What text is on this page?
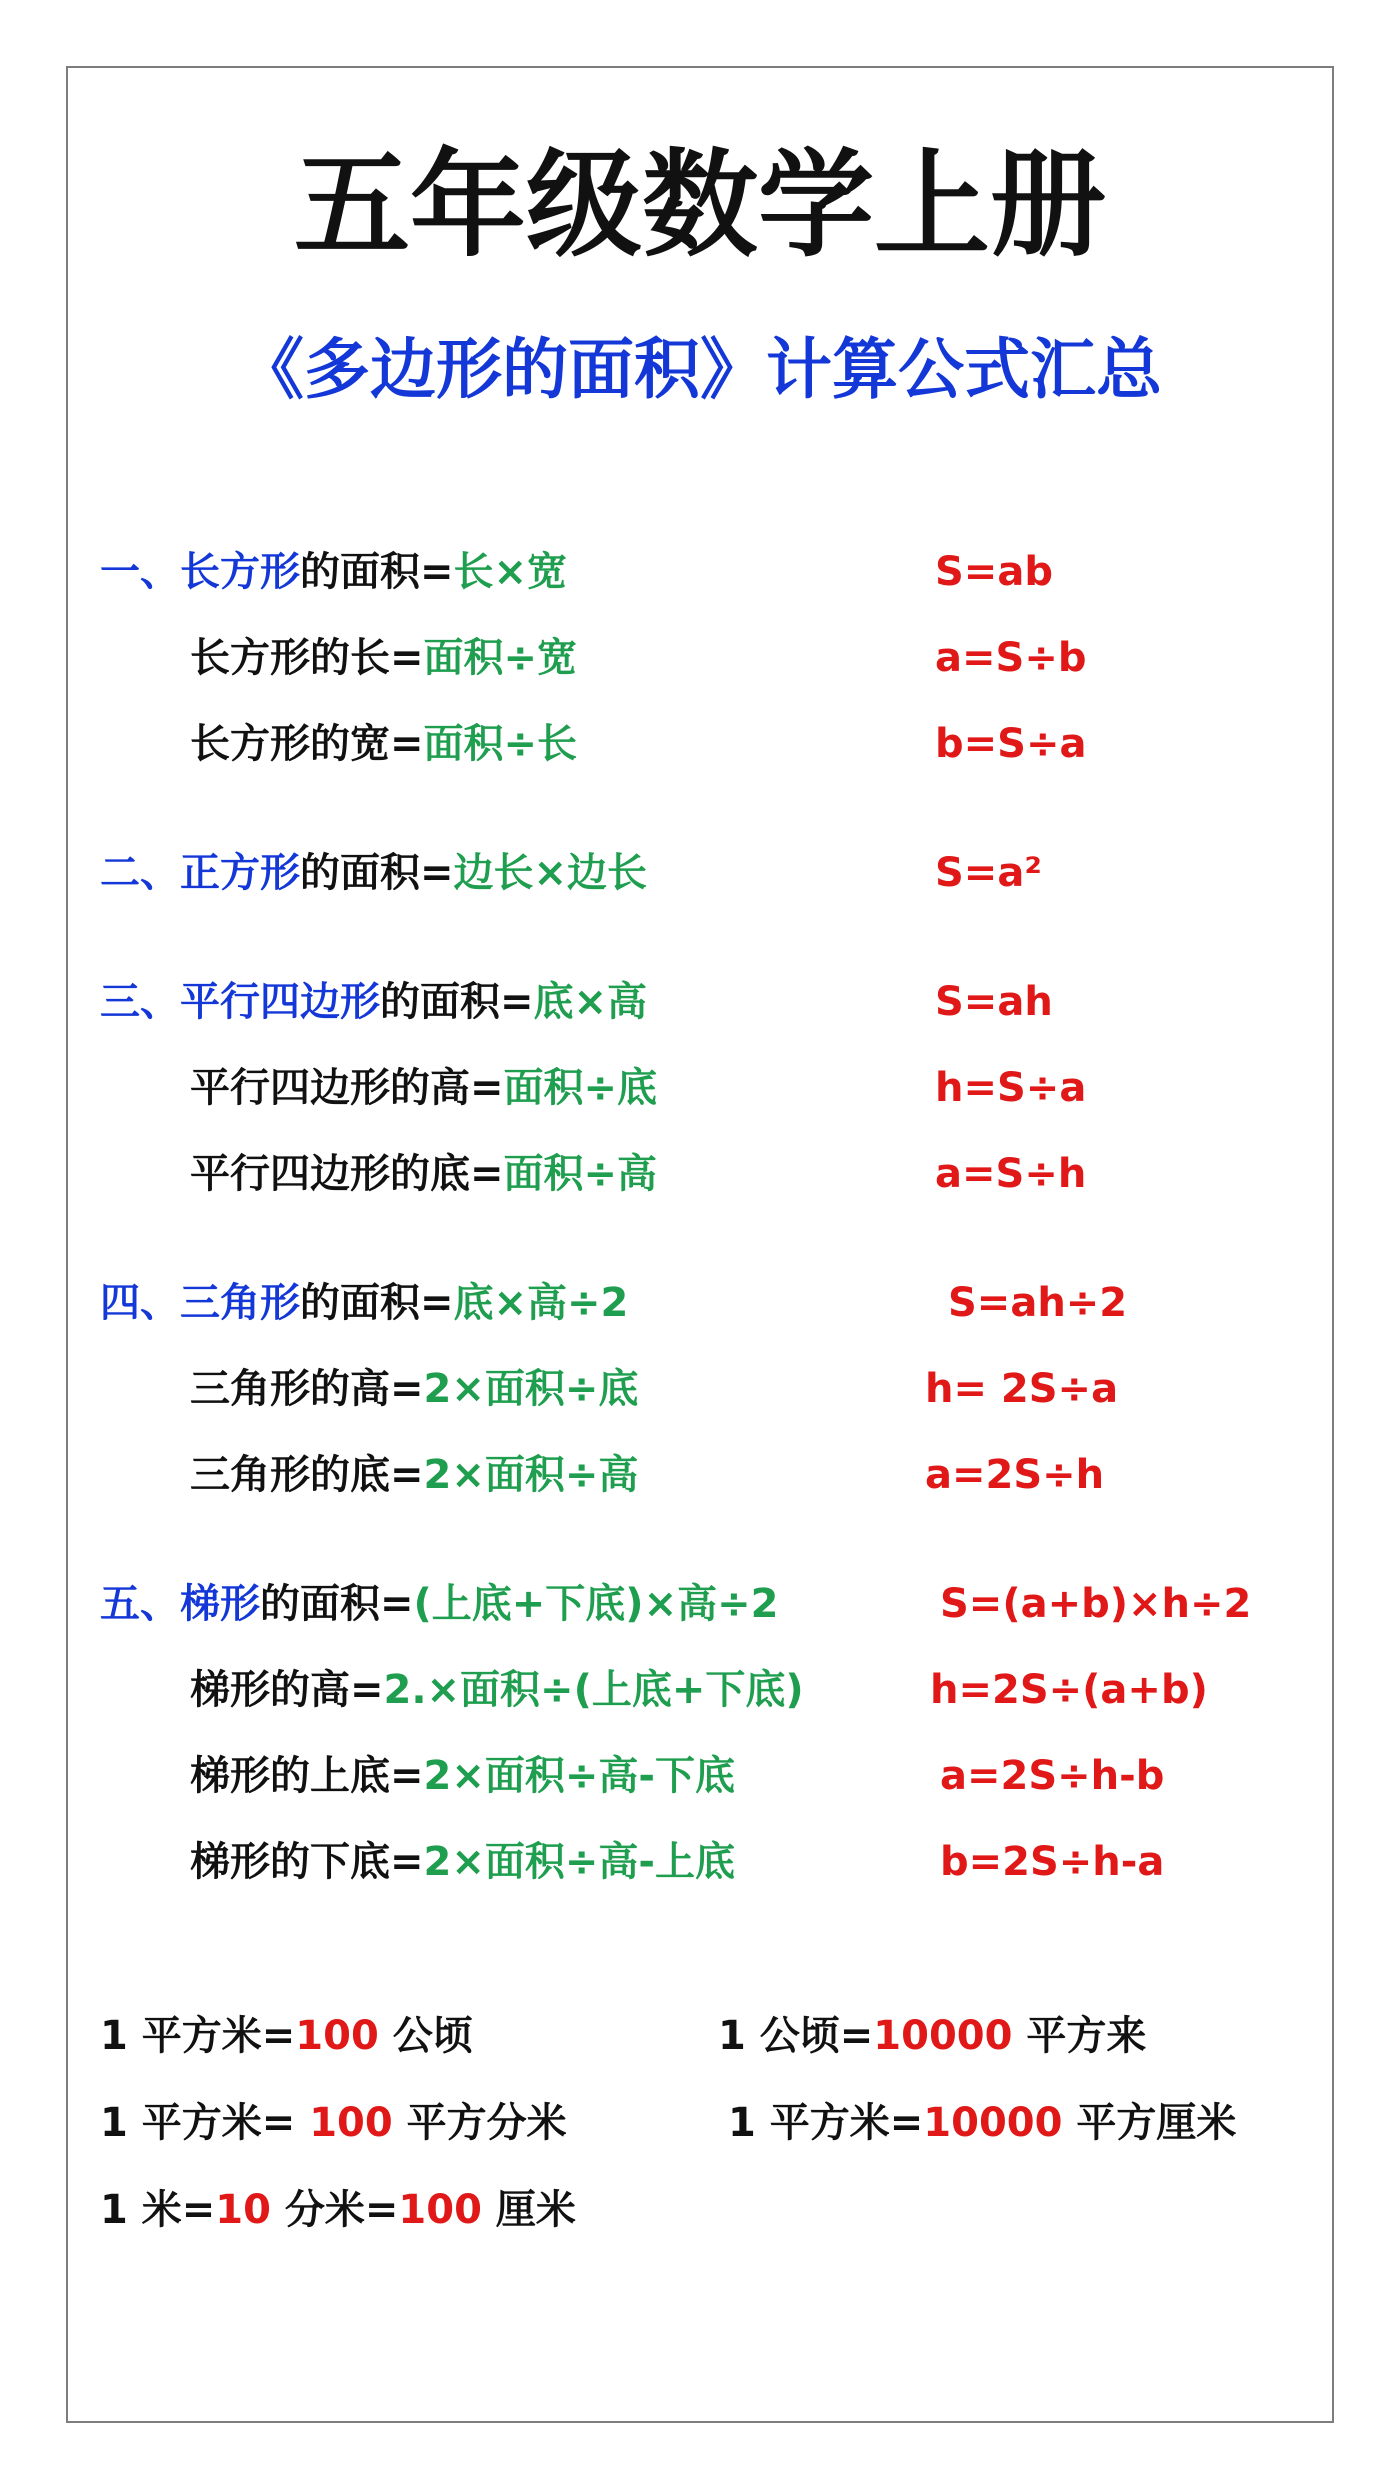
五年级数学上册
《多边形的面积》计算公式汇总
一、长方形的面积=长×宽	S=ab
长方形的长=面积÷宽	a=S÷b
长方形的宽=面积÷长	b=S÷a
二、正方形的面积=边长×边长	S=a²
三、平行四边形的面积=底×高	S=ah
平行四边形的高=面积÷底	h=S÷a
平行四边形的底=面积÷高	a=S÷h
四、三角形的面积=底×高÷2	S=ah÷2
三角形的高=2×面积÷底	h= 2S÷a
三角形的底=2×面积÷高	a=2S÷h
五、梯形的面积=(上底+下底)×高÷2	S=(a+b)×h÷2
梯形的高=2.×面积÷(上底+下底)	h=2S÷(a+b)
梯形的上底=2×面积÷高-下底	a=2S÷h-b
梯形的下底=2×面积÷高-上底	b=2S÷h-a
1 平方米=100 公顷	1 公顷=10000 平方来
1 平方米= 100 平方分米	1 平方米=10000 平方厘米
1 米=10 分米=100 厘米
